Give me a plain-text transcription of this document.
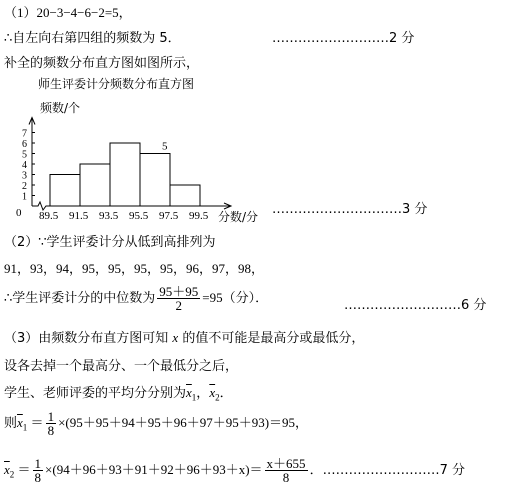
（1）20−3−4−6−2=5，
∴自左向右第四组的频数为 5．	………………………2 分
补全的频数分布直方图如图所示，
师生评委计分频数分布直方图
频数/个
5
1
2
3
4
5
6
7
89.5 91.5 93.5 95.5 97.5 99.5
0	分数/分 …………………………3 分
（2）∵学生评委计分从低到高排列为
91，93，94，95，95，95，95，96，97，98，
∴学生评委计分的中位数为 $\frac{95+95}{2} =95$（分）．
………………………6 分
（3）由频数分布直方图可知 x 的值不可能是最高分或最低分，
设各去掉一个最高分、一个最低分之后，
学生、老师评委的平均分分别为$\overline{x}_1$，$\overline{x}_2$．
则$\overline{x}_1 = \frac{1}{8} \times(95+95+94+95+96+97+95+93)=95$，
$\overline{x}_2 = \frac{1}{8} \times(94+96+93+91+92+96+93+x)= \frac{x+655}{8}$ ．………………………7 分
